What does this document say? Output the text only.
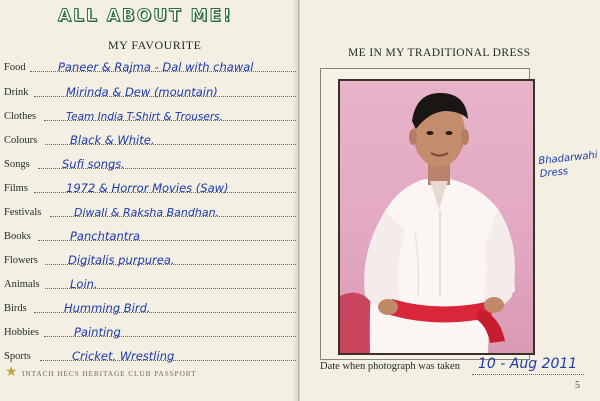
ALL ABOUT ME!
MY FAVOURITE
Food	Paneer & Rajma - Dal with chawal
Drink	Mirinda & Dew (mountain)
Clothes	Team India T-Shirt & Trousers.
Colours	Black & White.
Songs	Sufi songs.
Films	1972 & Horror Movies (Saw)
Festivals	Diwali & Raksha Bandhan.
Books	Panchtantra
Flowers	Digitalis purpurea.
Animals	Loin.
Birds	Humming Bird.
Hobbies	Painting
Sports	Cricket, Wrestling
★ INTACH HECS HERITAGE CLUB PASSPORT
ME IN MY TRADITIONAL DRESS
Bhadarwahi Dress
Date when photograph was taken 10 - Aug 2011
5
